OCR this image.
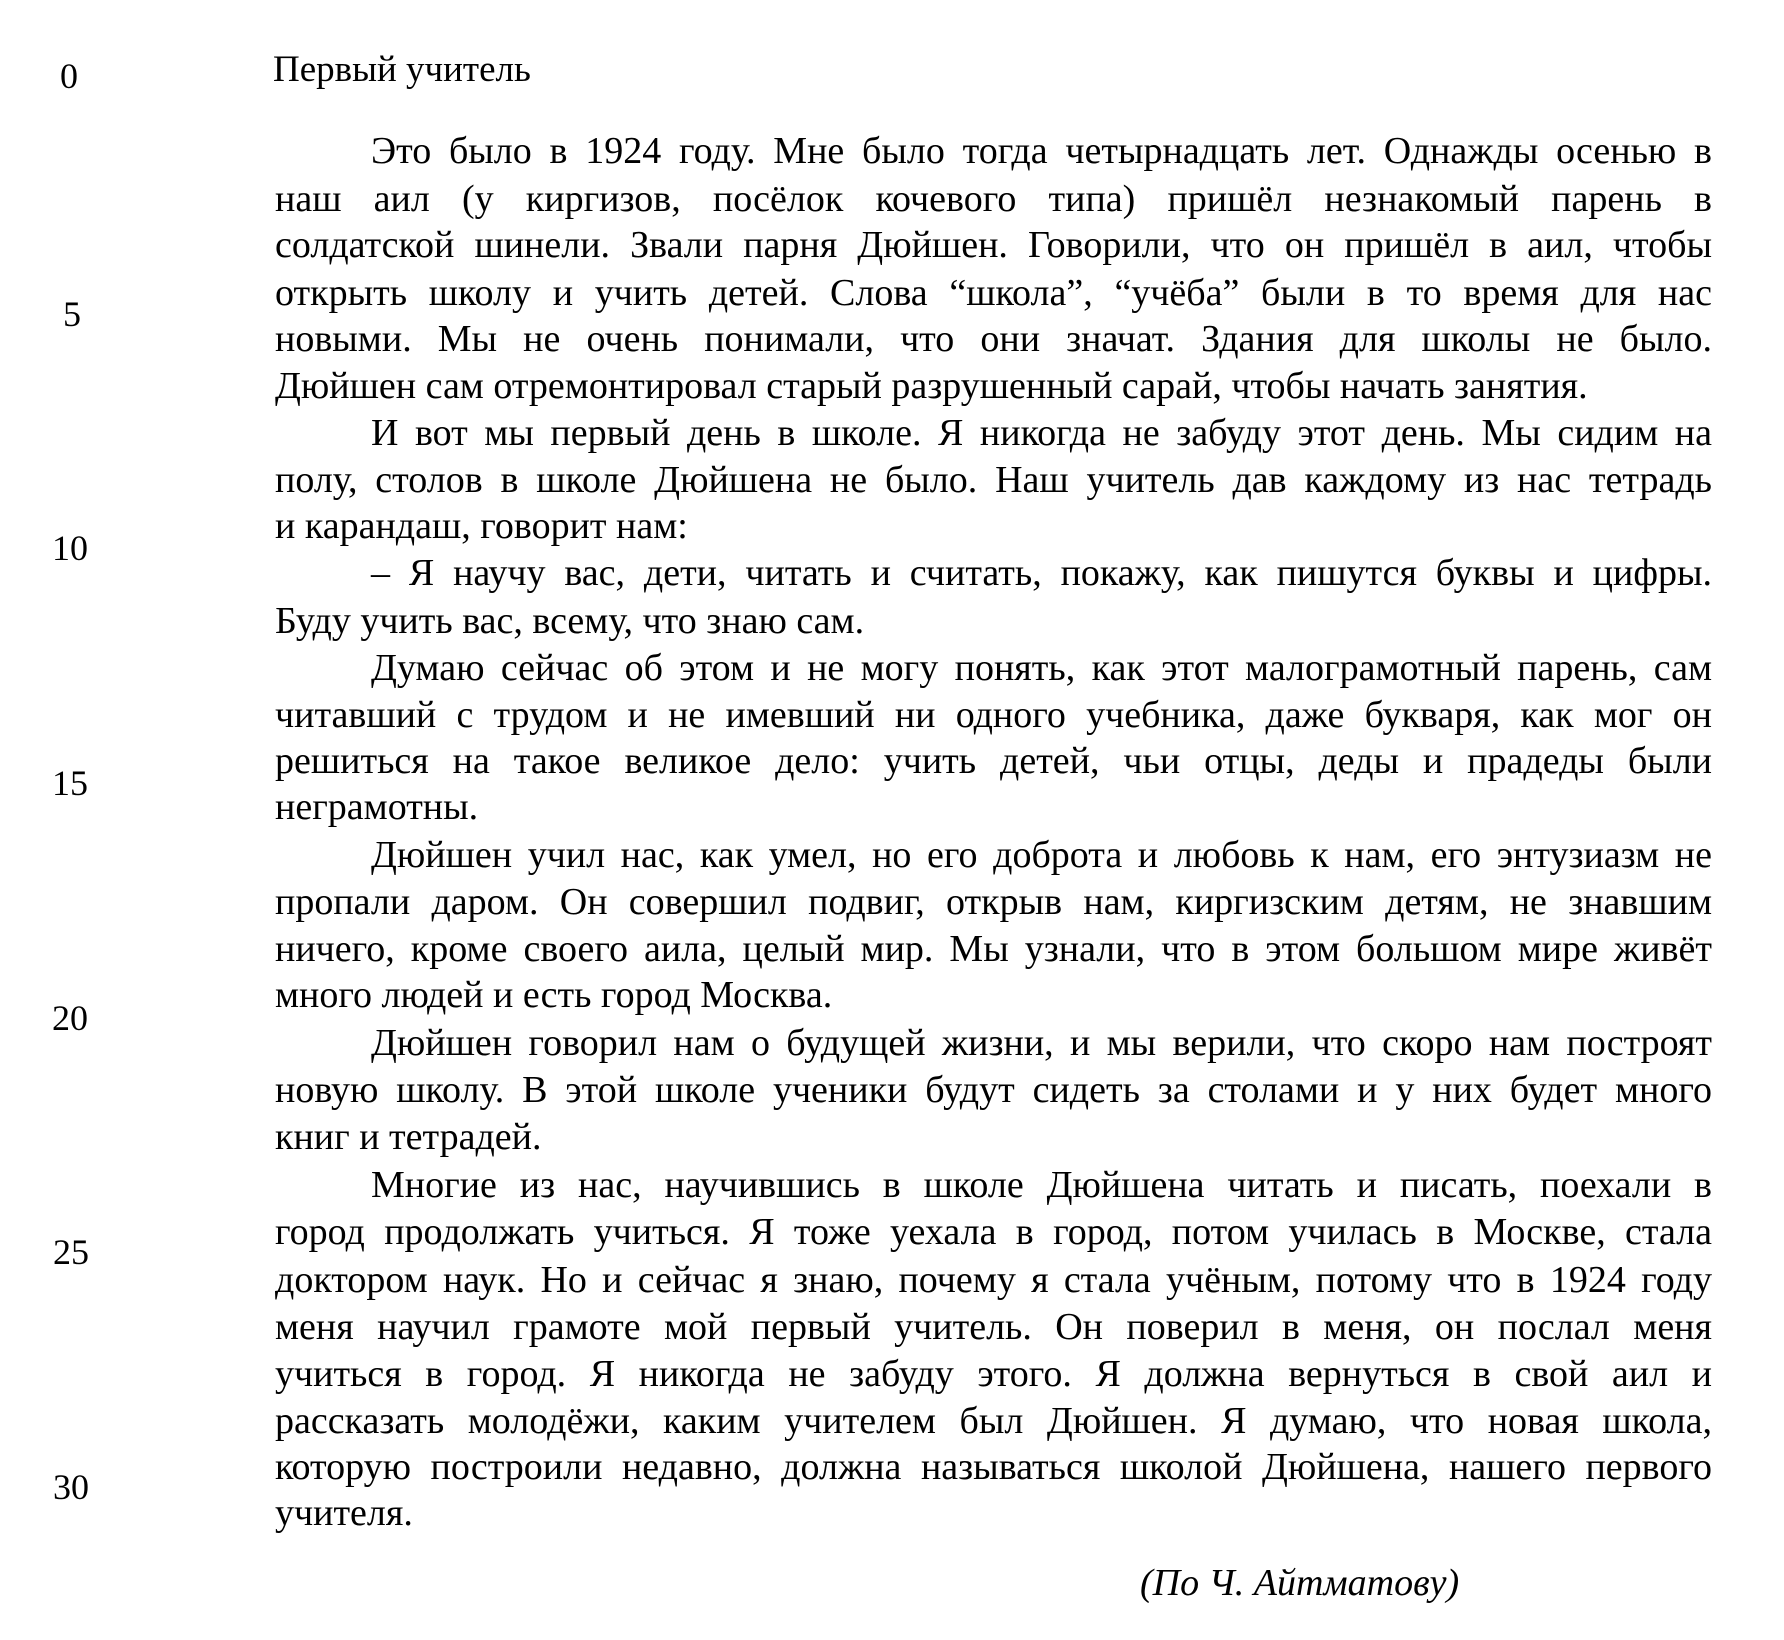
Первый учитель
0
5
10
15
20
25
30
Это было в 1924 году. Мне было тогда четырнадцать лет. Однажды осенью в
наш аил (у киргизов, посёлок кочевого типа) пришёл незнакомый парень в
солдатской шинели. Звали парня Дюйшен. Говорили, что он пришёл в аил, чтобы
открыть школу и учить детей. Слова “школа”, “учёба” были в то время для нас
новыми. Мы не очень понимали, что они значат. Здания для школы не было.
Дюйшен сам отремонтировал старый разрушенный сарай, чтобы начать занятия.
И вот мы первый день в школе. Я никогда не забуду этот день. Мы сидим на
полу, столов в школе Дюйшена не было. Наш учитель дав каждому из нас тетрадь
и карандаш, говорит нам:
– Я научу вас, дети, читать и считать, покажу, как пишутся буквы и цифры.
Буду учить вас, всему, что знаю сам.
Думаю сейчас об этом и не могу понять, как этот малограмотный парень, сам
читавший с трудом и не имевший ни одного учебника, даже букваря, как мог он
решиться на такое великое дело: учить детей, чьи отцы, деды и прадеды были
неграмотны.
Дюйшен учил нас, как умел, но его доброта и любовь к нам, его энтузиазм не
пропали даром. Он совершил подвиг, открыв нам, киргизским детям, не знавшим
ничего, кроме своего аила, целый мир. Мы узнали, что в этом большом мире живёт
много людей и есть город Москва.
Дюйшен говорил нам о будущей жизни, и мы верили, что скоро нам построят
новую школу. В этой школе ученики будут сидеть за столами и у них будет много
книг и тетрадей.
Многие из нас, научившись в школе Дюйшена читать и писать, поехали в
город продолжать учиться. Я тоже уехала в город, потом училась в Москве, стала
доктором наук. Но и сейчас я знаю, почему я стала учёным, потому что в 1924 году
меня научил грамоте мой первый учитель. Он поверил в меня, он послал меня
учиться в город. Я никогда не забуду этого. Я должна вернуться в свой аил и
рассказать молодёжи, каким учителем был Дюйшен. Я думаю, что новая школа,
которую построили недавно, должна называться школой Дюйшена, нашего первого
учителя.
(По Ч. Айтматову)
